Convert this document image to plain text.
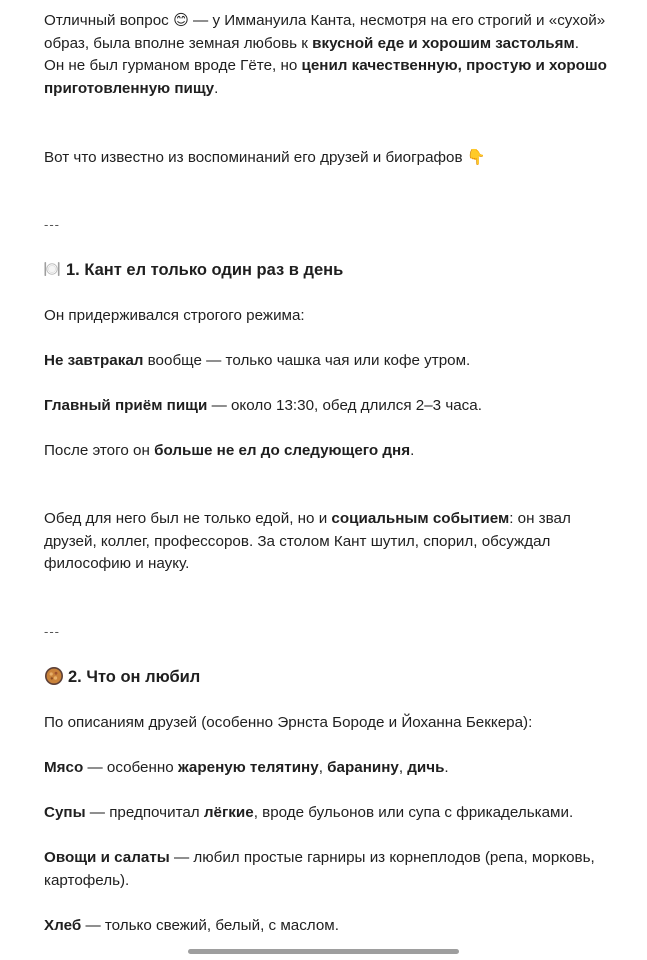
Отличный вопрос 😊 — у Иммануила Канта, несмотря на его строгий и «сухой» образ, была вполне земная любовь к вкусной еде и хорошим застольям.
Он не был гурманом вроде Гёте, но ценил качественную, простую и хорошо приготовленную пищу.

Вот что известно из воспоминаний его друзей и биографов 👇

---

1. Кант ел только один раз в день

Он придерживался строгого режима:

Не завтракал вообще — только чашка чая или кофе утром.

Главный приём пищи — около 13:30, обед длился 2–3 часа.

После этого он больше не ел до следующего дня.

Обед для него был не только едой, но и социальным событием: он звал друзей, коллег, профессоров. За столом Кант шутил, спорил, обсуждал философию и науку.

---

2. Что он любил

По описаниям друзей (особенно Эрнста Бороде и Йоханна Беккера):

Мясо — особенно жареную телятину, баранину, дичь.

Супы — предпочитал лёгкие, вроде бульонов или супа с фрикадельками.

Овощи и салаты — любил простые гарниры из корнеплодов (репа, морковь, картофель).

Хлеб — только свежий, белый, с маслом.
